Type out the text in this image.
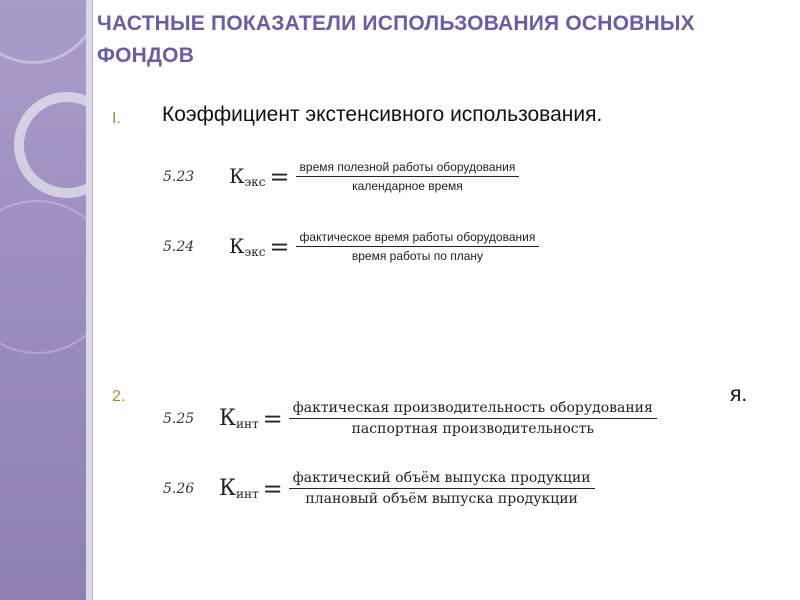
ЧАСТНЫЕ ПОКАЗАТЕЛИ ИСПОЛЬЗОВАНИЯ ОСНОВНЫХ ФОНДОВ
I. Коэффициент экстенсивного использования.
5.23	$К_{экс} = \frac{\text{время полезной работы оборудования}}{\text{календарное время}}$
5.24	$К_{экс} = \frac{\text{фактическое время работы оборудования}}{\text{время работы по плану}}$
2.	я.
5.25	$К_{инт} = \frac{\text{фактическая производительность оборудования}}{\text{паспортная производительность}}$
5.26	$К_{инт} = \frac{\text{фактический объём выпуска продукции}}{\text{плановый объём выпуска продукции}}$
